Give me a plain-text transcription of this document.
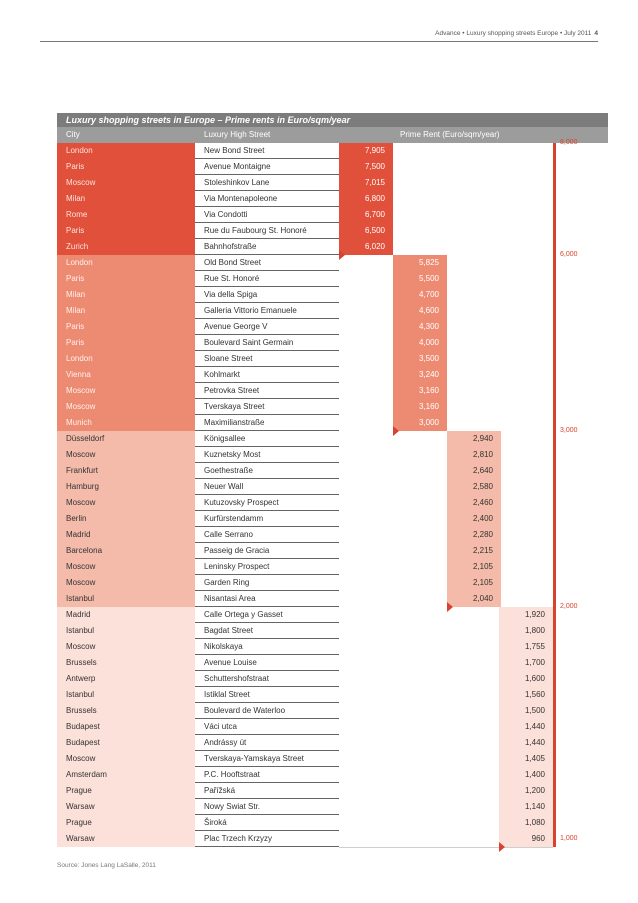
Advance • Luxury shopping streets Europe • July 2011 4
Luxury shopping streets in Europe – Prime rents in Euro/sqm/year
City	Luxury High Street	Prime Rent (Euro/sqm/year)
London	New Bond Street	7,905
Paris	Avenue Montaigne	7,500
Moscow	Stoleshinkov Lane	7,015
Milan	Via Montenapoleone	6,800
Rome	Via Condotti	6,700
Paris	Rue du Faubourg St. Honoré	6,500
Zurich	Bahnhofstraße	6,020
London	Old Bond Street	5,825
Paris	Rue St. Honoré	5,500
Milan	Via della Spiga	4,700
Milan	Galleria Vittorio Emanuele	4,600
Paris	Avenue George V	4,300
Paris	Boulevard Saint Germain	4,000
London	Sloane Street	3,500
Vienna	Kohlmarkt	3,240
Moscow	Petrovka Street	3,160
Moscow	Tverskaya Street	3,160
Munich	Maximilianstraße	3,000
Düsseldorf	Königsallee	2,940
Moscow	Kuznetsky Most	2,810
Frankfurt	Goethestraße	2,640
Hamburg	Neuer Wall	2,580
Moscow	Kutuzovsky Prospect	2,460
Berlin	Kurfürstendamm	2,400
Madrid	Calle Serrano	2,280
Barcelona	Passeig de Gracia	2,215
Moscow	Leninsky Prospect	2,105
Moscow	Garden Ring	2,105
Istanbul	Nisantasi Area	2,040
Madrid	Calle Ortega y Gasset	1,920
Istanbul	Bagdat Street	1,800
Moscow	Nikolskaya	1,755
Brussels	Avenue Louise	1,700
Antwerp	Schuttershofstraat	1,600
Istanbul	Istiklal Street	1,560
Brussels	Boulevard de Waterloo	1,500
Budapest	Váci utca	1,440
Budapest	Andrássy út	1,440
Moscow	Tverskaya-Yamskaya Street	1,405
Amsterdam	P.C. Hooftstraat	1,400
Prague	Pařížská	1,200
Warsaw	Nowy Swiat Str.	1,140
Prague	Široká	1,080
Warsaw	Plac Trzech Krzyzy	960
8,000
6,000
3,000
2,000
1,000
Source: Jones Lang LaSalle, 2011
